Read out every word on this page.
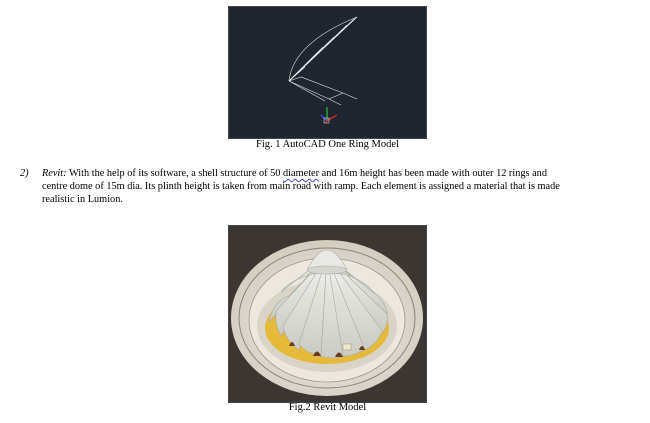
Fig. 1 AutoCAD One Ring Model
2) Revit: With the help of its software, a shell structure of 50 diameter and 16m height has been made with outer 12 rings and
centre dome of 15m dia. Its plinth height is taken from main road with ramp. Each element is assigned a material that is made
realistic in Lumion.
Fig.2 Revit Model
